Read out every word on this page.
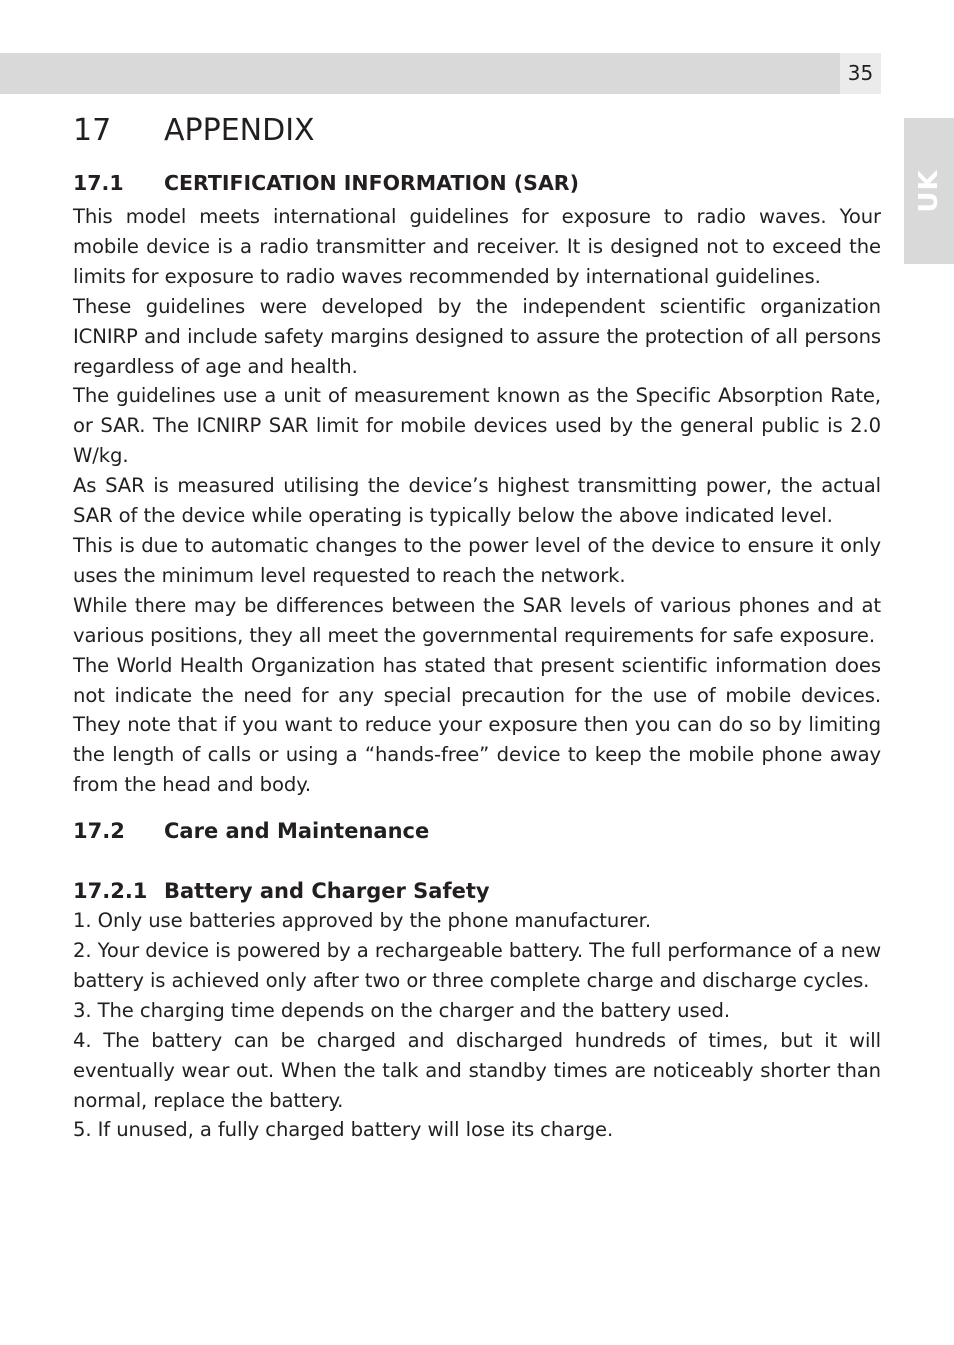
35
UK
17	APPENDIX
17.1	CERTIFICATION INFORMATION (SAR)

This model meets international guidelines for exposure to radio waves. Your mobile device is a radio transmitter and receiver. It is designed not to exceed the limits for exposure to radio waves recommended by international guidelines.

These guidelines were developed by the independent scientific organization ICNIRP and include safety margins designed to assure the protection of all persons regardless of age and health.

The guidelines use a unit of measurement known as the Specific Absorption Rate, or SAR. The ICNIRP SAR limit for mobile devices used by the general public is 2.0 W/kg.

As SAR is measured utilising the device’s highest transmitting power, the actual SAR of the device while operating is typically below the above indicated level.

This is due to automatic changes to the power level of the device to ensure it only uses the minimum level requested to reach the network.

While there may be differences between the SAR levels of various phones and at various positions, they all meet the governmental requirements for safe exposure.

The World Health Organization has stated that present scientific information does not indicate the need for any special precaution for the use of mobile devices. They note that if you want to reduce your exposure then you can do so by limiting the length of calls or using a “hands-free” device to keep the mobile phone away from the head and body.

17.2	Care and Maintenance
17.2.1 Battery and Charger Safety

1. Only use batteries approved by the phone manufacturer.

2. Your device is powered by a rechargeable battery. The full performance of a new battery is achieved only after two or three complete charge and discharge cycles.

3. The charging time depends on the charger and the battery used.

4. The battery can be charged and discharged hundreds of times, but it will eventually wear out. When the talk and standby times are noticeably shorter than normal, replace the battery.

5. If unused, a fully charged battery will lose its charge.
